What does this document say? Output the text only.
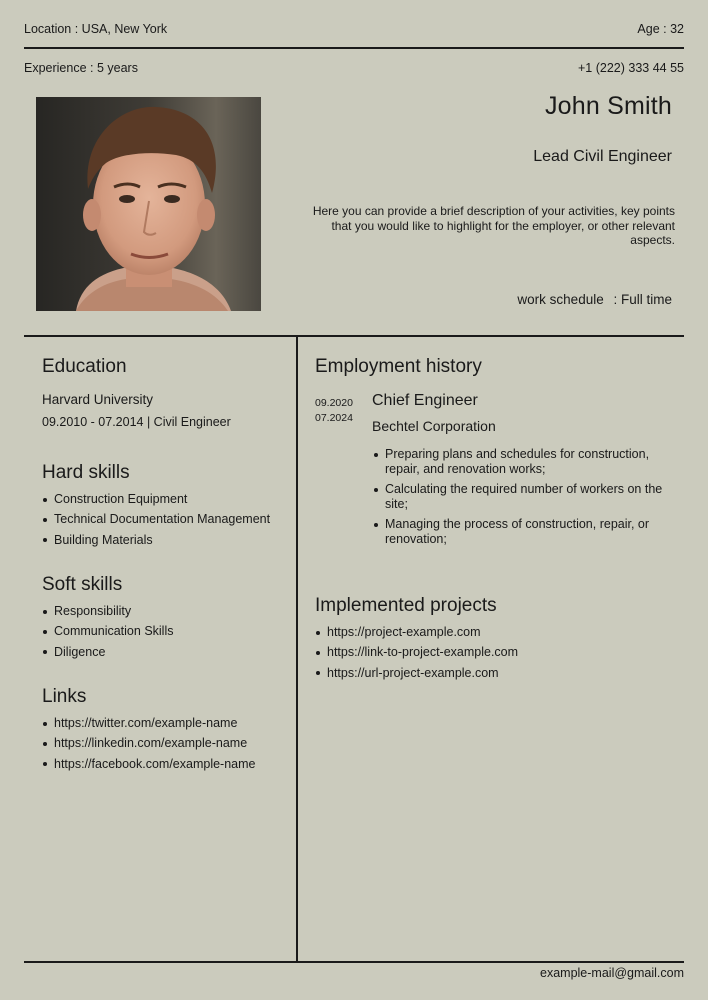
Location : USA, New York	Age : 32
Experience : 5 years	+1 (222) 333 44 55
John Smith
Lead Civil Engineer
Here you can provide a brief description of your activities, key points that you would like to highlight for the employer, or other relevant aspects.
work schedule : Full time
Education
Harvard University
09.2010 - 07.2014 | Civil Engineer
Hard skills
Construction Equipment
Technical Documentation Management
Building Materials
Soft skills
Responsibility
Communication Skills
Diligence
Links
https://twitter.com/example-name
https://linkedin.com/example-name
https://facebook.com/example-name
Employment history
09.2020
07.2024
Chief Engineer
Bechtel Corporation
Preparing plans and schedules for construction, repair, and renovation works;
Calculating the required number of workers on the site;
Managing the process of construction, repair, or renovation;
Implemented projects
https://project-example.com
https://link-to-project-example.com
https://url-project-example.com
example-mail@gmail.com
